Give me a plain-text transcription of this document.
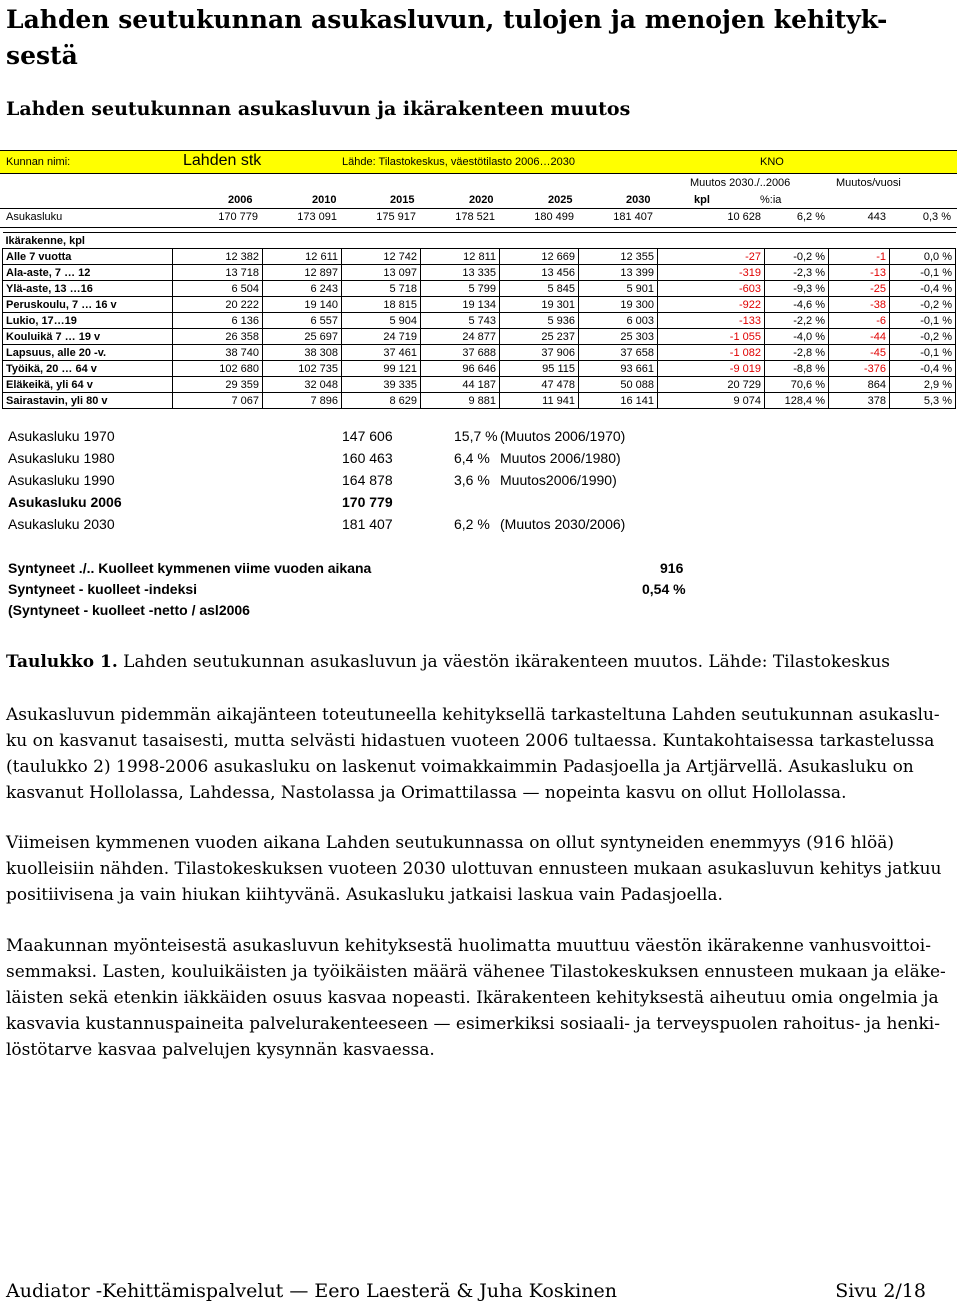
Lahden seutukunnan asukasluvun, tulojen ja menojen kehityk-sestä
Lahden seutukunnan asukasluvun ja ikärakenteen muutos
Kunnan nimi:	Lahden stk	Lähde: Tilastokeskus, väestötilasto 2006…2030	KNO
Muutos 2030./..2006	Muutos/vuosi
2006	2010	2015	2020	2025	2030	kpl	%:ia
Asukasluku	170 779	173 091	175 917	178 521	180 499	181 407	10 628	6,2 %	443	0,3 %
Ikärakenne, kpl										
Alle 7 vuotta	12 382	12 611	12 742	12 811	12 669	12 355	-27	-0,2 %	-1	0,0 %
Ala-aste, 7 … 12	13 718	12 897	13 097	13 335	13 456	13 399	-319	-2,3 %	-13	-0,1 %
Ylä-aste, 13 …16	6 504	6 243	5 718	5 799	5 845	5 901	-603	-9,3 %	-25	-0,4 %
Peruskoulu, 7 … 16 v	20 222	19 140	18 815	19 134	19 301	19 300	-922	-4,6 %	-38	-0,2 %
Lukio, 17…19	6 136	6 557	5 904	5 743	5 936	6 003	-133	-2,2 %	-6	-0,1 %
Kouluikä 7 … 19 v	26 358	25 697	24 719	24 877	25 237	25 303	-1 055	-4,0 %	-44	-0,2 %
Lapsuus, alle 20 -v.	38 740	38 308	37 461	37 688	37 906	37 658	-1 082	-2,8 %	-45	-0,1 %
Työikä, 20 … 64 v	102 680	102 735	99 121	96 646	95 115	93 661	-9 019	-8,8 %	-376	-0,4 %
Eläkeikä, yli 64 v	29 359	32 048	39 335	44 187	47 478	50 088	20 729	70,6 %	864	2,9 %
Sairastavin, yli 80 v	7 067	7 896	8 629	9 881	11 941	16 141	9 074	128,4 %	378	5,3 %
Asukasluku 1970	147 606	15,7 % (Muutos 2006/1970)
Asukasluku 1980	160 463	6,4 % Muutos 2006/1980)
Asukasluku 1990	164 878	3,6 % Muutos2006/1990)
Asukasluku 2006	170 779
Asukasluku 2030	181 407	6,2 % (Muutos 2030/2006)
Syntyneet ./.. Kuolleet kymmenen viime vuoden aikana	916
Syntyneet - kuolleet -indeksi	0,54 %
(Syntyneet - kuolleet -netto / asl2006
Taulukko 1. Lahden seutukunnan asukasluvun ja väestön ikärakenteen muutos. Lähde: Tilastokeskus

Asukasluvun pidemmän aikajänteen toteutuneella kehityksellä tarkasteltuna Lahden seutukunnan asukaslu-ku on kasvanut tasaisesti, mutta selvästi hidastuen vuoteen 2006 tultaessa. Kuntakohtaisessa tarkastelussa (taulukko 2) 1998-2006 asukasluku on laskenut voimakkaimmin Padasjoella ja Artjärvellä. Asukasluku on kasvanut Hollolassa, Lahdessa, Nastolassa ja Orimattilassa — nopeinta kasvu on ollut Hollolassa.

Viimeisen kymmenen vuoden aikana Lahden seutukunnassa on ollut syntyneiden enemmyys (916 hlöä) kuolleisiin nähden. Tilastokeskuksen vuoteen 2030 ulottuvan ennusteen mukaan asukasluvun kehitys jatkuu positiivisena ja vain hiukan kiihtyvänä. Asukasluku jatkaisi laskua vain Padasjoella.

Maakunnan myönteisestä asukasluvun kehityksestä huolimatta muuttuu väestön ikärakenne vanhusvoittoi-semmaksi. Lasten, kouluikäisten ja työikäisten määrä vähenee Tilastokeskuksen ennusteen mukaan ja eläke-läisten sekä etenkin iäkkäiden osuus kasvaa nopeasti. Ikärakenteen kehityksestä aiheutuu omia ongelmia ja kasvavia kustannuspaineita palvelurakenteeseen — esimerkiksi sosiaali- ja terveyspuolen rahoitus- ja henki-löstötarve kasvaa palvelujen kysynnän kasvaessa.

Audiator -Kehittämispalvelut — Eero Laesterä & Juha Koskinen	Sivu 2/18
